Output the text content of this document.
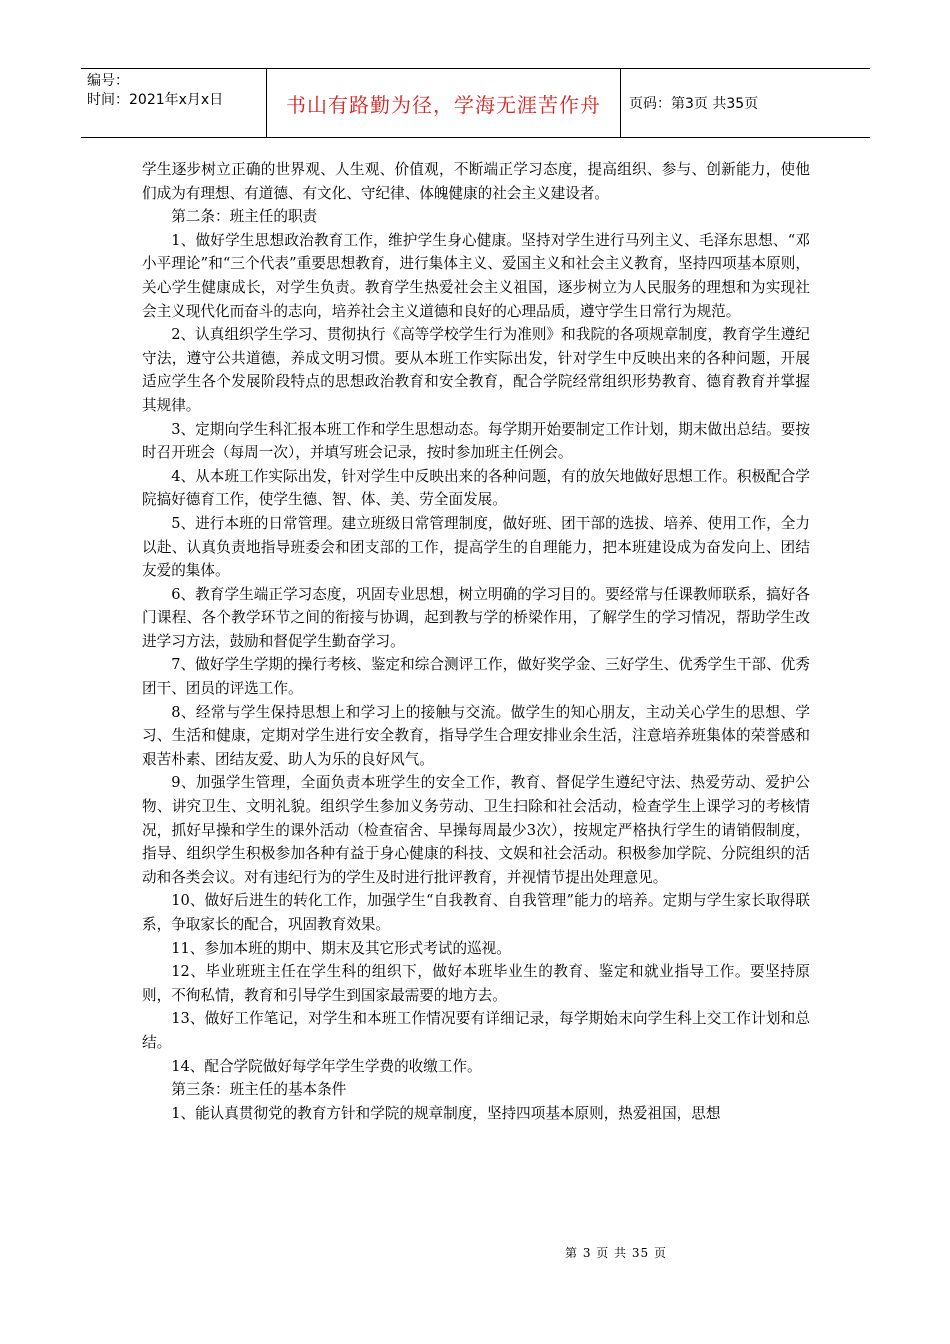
编号：
时间：2021年x月x日	书山有路勤为径，学海无涯苦作舟	页码：第3页 共35页

学生逐步树立正确的世界观、人生观、价值观，不断端正学习态度，提高组织、参与、创新能力，使他们成为有理想、有道德、有文化、守纪律、体魄健康的社会主义建设者。

第二条：班主任的职责

1、做好学生思想政治教育工作，维护学生身心健康。坚持对学生进行马列主义、毛泽东思想、“邓小平理论”和“三个代表”重要思想教育，进行集体主义、爱国主义和社会主义教育，坚持四项基本原则，关心学生健康成长，对学生负责。教育学生热爱社会主义祖国，逐步树立为人民服务的理想和为实现社会主义现代化而奋斗的志向，培养社会主义道德和良好的心理品质，遵守学生日常行为规范。

2、认真组织学生学习、贯彻执行《高等学校学生行为准则》和我院的各项规章制度，教育学生遵纪守法，遵守公共道德，养成文明习惯。要从本班工作实际出发，针对学生中反映出来的各种问题，开展适应学生各个发展阶段特点的思想政治教育和安全教育，配合学院经常组织形势教育、德育教育并掌握其规律。

3、定期向学生科汇报本班工作和学生思想动态。每学期开始要制定工作计划，期末做出总结。要按时召开班会（每周一次），并填写班会记录，按时参加班主任例会。

4、从本班工作实际出发，针对学生中反映出来的各种问题，有的放矢地做好思想工作。积极配合学院搞好德育工作，使学生德、智、体、美、劳全面发展。

5、进行本班的日常管理。建立班级日常管理制度，做好班、团干部的选拔、培养、使用工作，全力以赴、认真负责地指导班委会和团支部的工作，提高学生的自理能力，把本班建设成为奋发向上、团结友爱的集体。

6、教育学生端正学习态度，巩固专业思想，树立明确的学习目的。要经常与任课教师联系，搞好各门课程、各个教学环节之间的衔接与协调，起到教与学的桥梁作用，了解学生的学习情况，帮助学生改进学习方法，鼓励和督促学生勤奋学习。

7、做好学生学期的操行考核、鉴定和综合测评工作，做好奖学金、三好学生、优秀学生干部、优秀团干、团员的评选工作。

8、经常与学生保持思想上和学习上的接触与交流。做学生的知心朋友，主动关心学生的思想、学习、生活和健康，定期对学生进行安全教育，指导学生合理安排业余生活，注意培养班集体的荣誉感和艰苦朴素、团结友爱、助人为乐的良好风气。

9、加强学生管理，全面负责本班学生的安全工作，教育、督促学生遵纪守法、热爱劳动、爱护公物、讲究卫生、文明礼貌。组织学生参加义务劳动、卫生扫除和社会活动，检查学生上课学习的考核情况，抓好早操和学生的课外活动（检查宿舍、早操每周最少3次），按规定严格执行学生的请销假制度，指导、组织学生积极参加各种有益于身心健康的科技、文娱和社会活动。积极参加学院、分院组织的活动和各类会议。对有违纪行为的学生及时进行批评教育，并视情节提出处理意见。

10、做好后进生的转化工作，加强学生“自我教育、自我管理”能力的培养。定期与学生家长取得联系，争取家长的配合，巩固教育效果。

11、参加本班的期中、期末及其它形式考试的巡视。

12、毕业班班主任在学生科的组织下，做好本班毕业生的教育、鉴定和就业指导工作。要坚持原则，不徇私情，教育和引导学生到国家最需要的地方去。

13、做好工作笔记，对学生和本班工作情况要有详细记录，每学期始末向学生科上交工作计划和总结。

14、配合学院做好每学年学生学费的收缴工作。

第三条：班主任的基本条件

1、能认真贯彻党的教育方针和学院的规章制度，坚持四项基本原则，热爱祖国，思想

第 3 页 共 35 页
